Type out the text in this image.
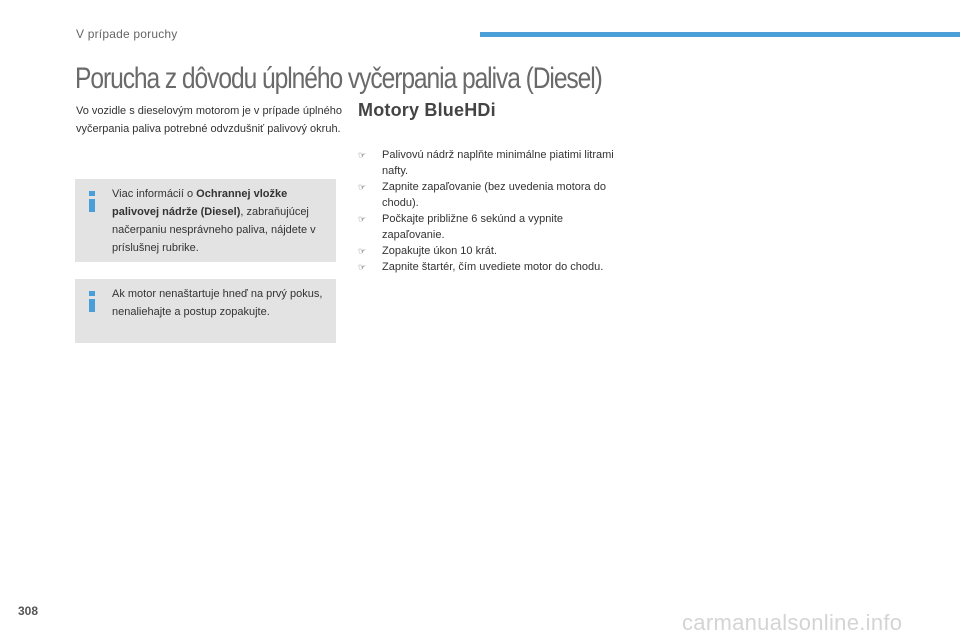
V prípade poruchy
Porucha z dôvodu úplného vyčerpania paliva (Diesel)

Vo vozidle s dieselovým motorom je v prípade úplného vyčerpania paliva potrebné odvzdušniť palivový okruh.

Viac informácií o Ochrannej vložke palivovej nádrže (Diesel), zabraňujúcej načerpaniu nesprávneho paliva, nájdete v príslušnej rubrike.

Ak motor nenaštartuje hneď na prvý pokus, nenaliehajte a postup zopakujte.

Motory BlueHDi
☞ Palivovú nádrž naplňte minimálne piatimi litrami nafty.
☞ Zapnite zapaľovanie (bez uvedenia motora do chodu).
☞ Počkajte približne 6 sekúnd a vypnite zapaľovanie.
☞ Zopakujte úkon 10 krát.
☞ Zapnite štartér, čím uvediete motor do chodu.
308	carmanualsonline.info
